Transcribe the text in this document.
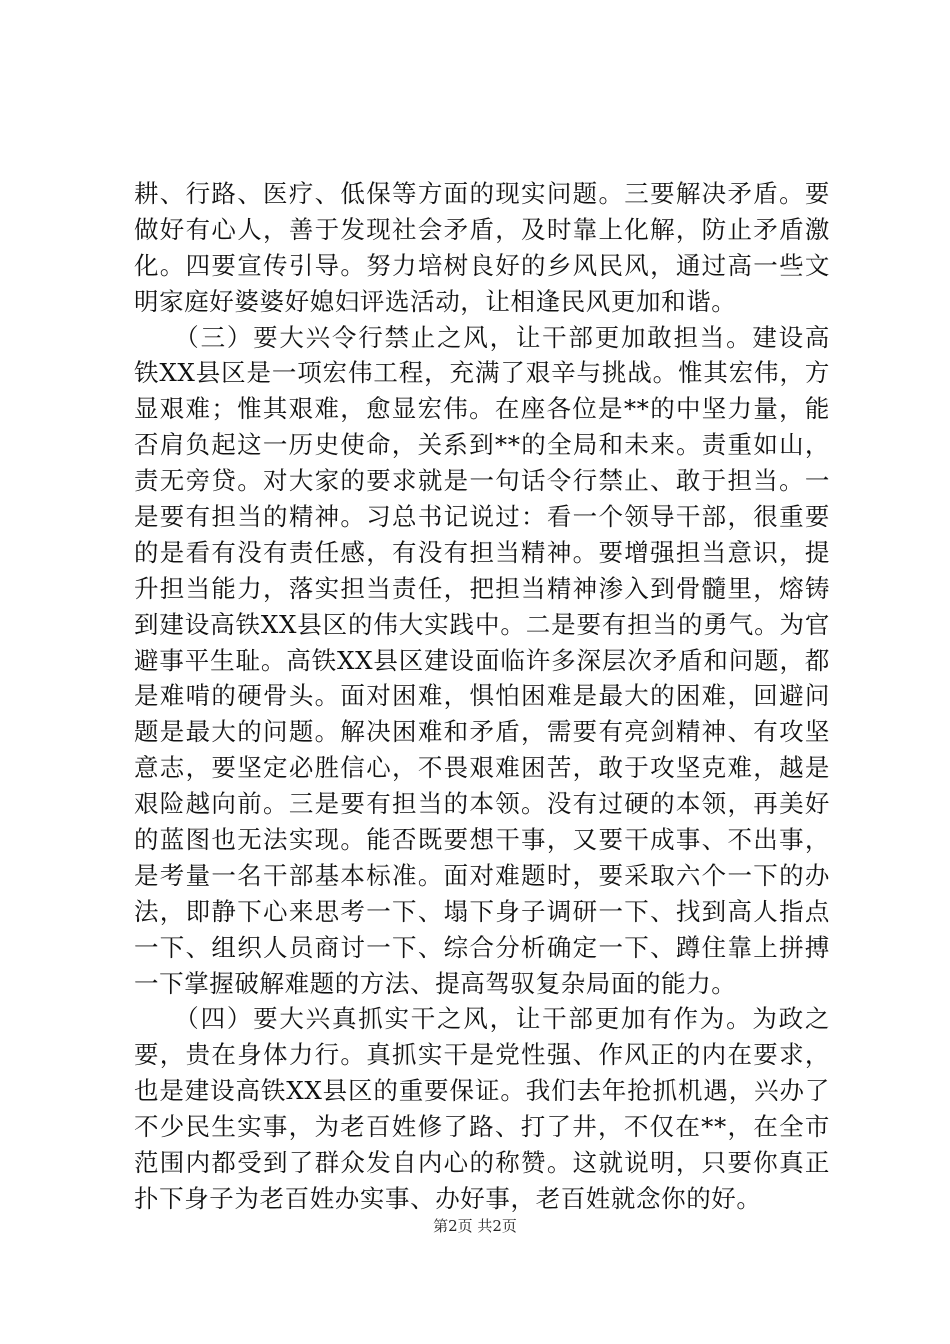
耕、行路、医疗、低保等方面的现实问题。三要解决矛盾。要
做好有心人，善于发现社会矛盾，及时靠上化解，防止矛盾激
化。四要宣传引导。努力培树良好的乡风民风，通过高一些文
明家庭好婆婆好媳妇评选活动，让相逢民风更加和谐。
　　（三）要大兴令行禁止之风，让干部更加敢担当。建设高
铁XX县区是一项宏伟工程，充满了艰辛与挑战。惟其宏伟，方
显艰难；惟其艰难，愈显宏伟。在座各位是**的中坚力量，能
否肩负起这一历史使命，关系到**的全局和未来。责重如山，
责无旁贷。对大家的要求就是一句话令行禁止、敢于担当。一
是要有担当的精神。习总书记说过：看一个领导干部，很重要
的是看有没有责任感，有没有担当精神。要增强担当意识，提
升担当能力，落实担当责任，把担当精神渗入到骨髓里，熔铸
到建设高铁XX县区的伟大实践中。二是要有担当的勇气。为官
避事平生耻。高铁XX县区建设面临许多深层次矛盾和问题，都
是难啃的硬骨头。面对困难，惧怕困难是最大的困难，回避问
题是最大的问题。解决困难和矛盾，需要有亮剑精神、有攻坚
意志，要坚定必胜信心，不畏艰难困苦，敢于攻坚克难，越是
艰险越向前。三是要有担当的本领。没有过硬的本领，再美好
的蓝图也无法实现。能否既要想干事，又要干成事、不出事，
是考量一名干部基本标准。面对难题时，要采取六个一下的办
法，即静下心来思考一下、塌下身子调研一下、找到高人指点
一下、组织人员商讨一下、综合分析确定一下、蹲住靠上拼搏
一下掌握破解难题的方法、提高驾驭复杂局面的能力。
　　（四）要大兴真抓实干之风，让干部更加有作为。为政之
要，贵在身体力行。真抓实干是党性强、作风正的内在要求，
也是建设高铁XX县区的重要保证。我们去年抢抓机遇，兴办了
不少民生实事，为老百姓修了路、打了井，不仅在**，在全市
范围内都受到了群众发自内心的称赞。这就说明，只要你真正
扑下身子为老百姓办实事、办好事，老百姓就念你的好。
第2页 共2页
